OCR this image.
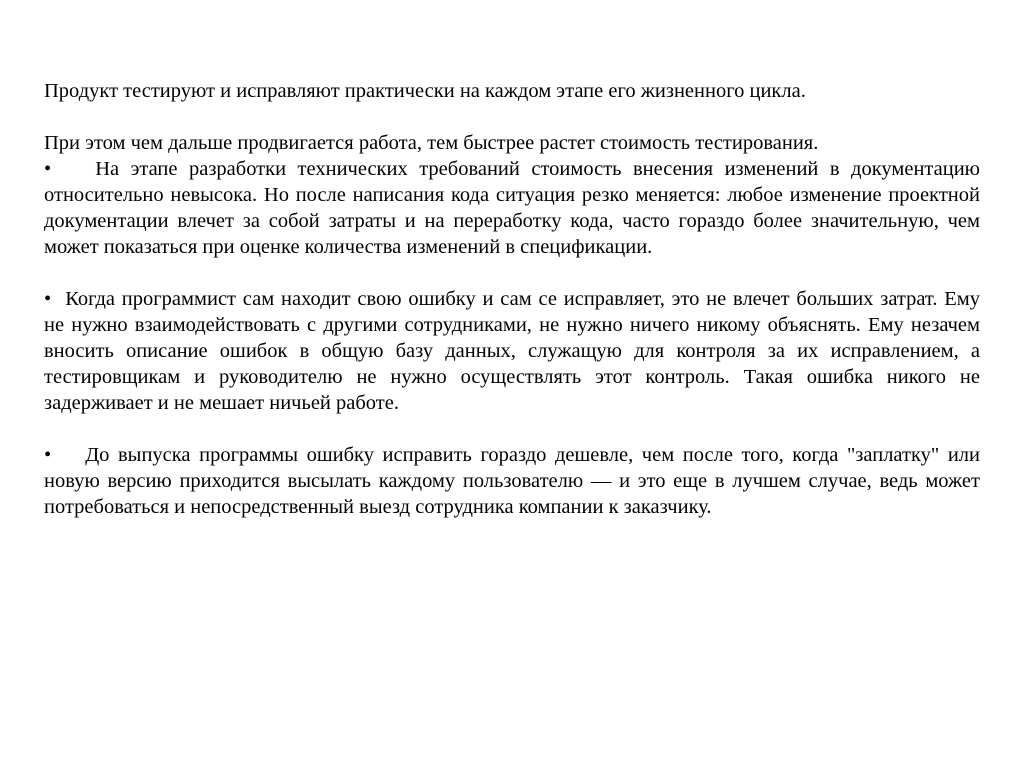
Продукт тестируют и исправляют практически на каждом этапе его жизненного цикла.

При этом чем дальше продвигается работа, тем быстрее растет стоимость тестирования.

• На этапе разработки технических требований стоимость внесения изменений в документацию относительно невысока. Но после написания кода ситуация резко меняется: любое изменение проектной документации влечет за собой затраты и на переработку кода, часто гораздо более значительную, чем может показаться при оценке количества изменений в спецификации.

• Когда программист сам находит свою ошибку и сам се исправляет, это не влечет больших затрат. Ему не нужно взаимодействовать с другими сотрудниками, не нужно ничего никому объяснять. Ему незачем вносить описание ошибок в общую базу данных, служащую для контроля за их исправлением, а тестировщикам и руководителю не нужно осуществлять этот контроль. Такая ошибка никого не задерживает и не мешает ничьей работе.

• До выпуска программы ошибку исправить гораздо дешевле, чем после того, когда "заплатку" или новую версию приходится высылать каждому пользователю — и это еще в лучшем случае, ведь может потребоваться и непосредственный выезд сотрудника компании к заказчику.
